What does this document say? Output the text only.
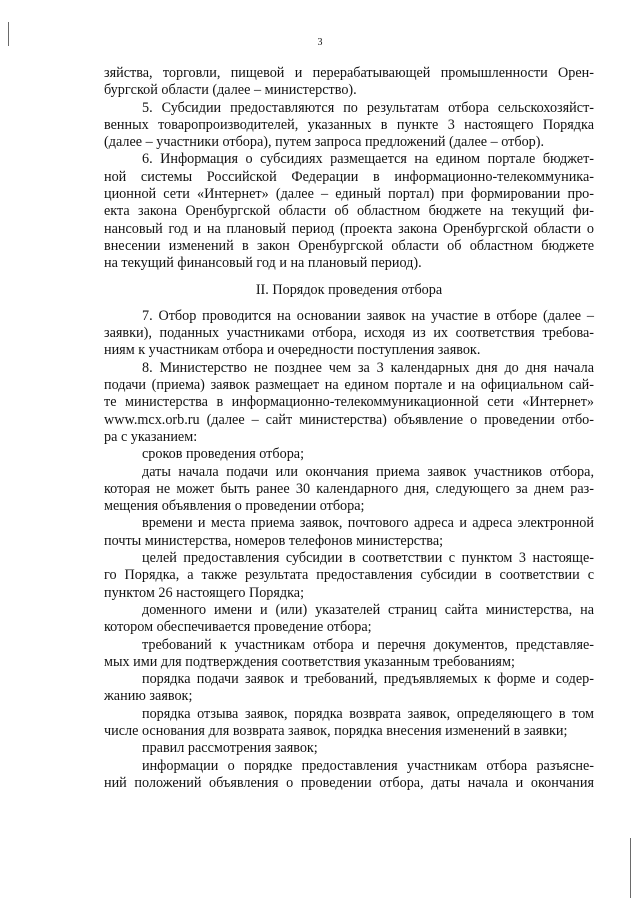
3

зяйства, торговли, пищевой и перерабатывающей промышленности Орен-

бургской области (далее – министерство).

5. Субсидии предоставляются по результатам отбора сельскохозяйст-

венных товаропроизводителей, указанных в пункте 3 настоящего Порядка

(далее – участники отбора), путем запроса предложений (далее – отбор).

6. Информация о субсидиях размещается на едином портале бюджет-

ной системы Российской Федерации в информационно-телекоммуника-

ционной сети «Интернет» (далее – единый портал) при формировании про-

екта закона Оренбургской области об областном бюджете на текущий фи-

нансовый год и на плановый период (проекта закона Оренбургской области о

внесении изменений в закон Оренбургской области об областном бюджете

на текущий финансовый год и на плановый период).

II. Порядок проведения отбора

7. Отбор проводится на основании заявок на участие в отборе (далее –

заявки), поданных участниками отбора, исходя из их соответствия требова-

ниям к участникам отбора и очередности поступления заявок.

8. Министерство не позднее чем за 3 календарных дня до дня начала

подачи (приема) заявок размещает на едином портале и на официальном сай-

те министерства в информационно-телекоммуникационной сети «Интернет»

www.mcx.orb.ru (далее – сайт министерства) объявление о проведении отбо-

ра с указанием:

сроков проведения отбора;

даты начала подачи или окончания приема заявок участников отбора,

которая не может быть ранее 30 календарного дня, следующего за днем раз-

мещения объявления о проведении отбора;

времени и места приема заявок, почтового адреса и адреса электронной

почты министерства, номеров телефонов министерства;

целей предоставления субсидии в соответствии с пунктом 3 настояще-

го Порядка, а также результата предоставления субсидии в соответствии с

пунктом 26 настоящего Порядка;

доменного имени и (или) указателей страниц сайта министерства, на

котором обеспечивается проведение отбора;

требований к участникам отбора и перечня документов, представляе-

мых ими для подтверждения соответствия указанным требованиям;

порядка подачи заявок и требований, предъявляемых к форме и содер-

жанию заявок;

порядка отзыва заявок, порядка возврата заявок, определяющего в том

числе основания для возврата заявок, порядка внесения изменений в заявки;

правил рассмотрения заявок;

информации о порядке предоставления участникам отбора разъясне-

ний положений объявления о проведении отбора, даты начала и окончания
